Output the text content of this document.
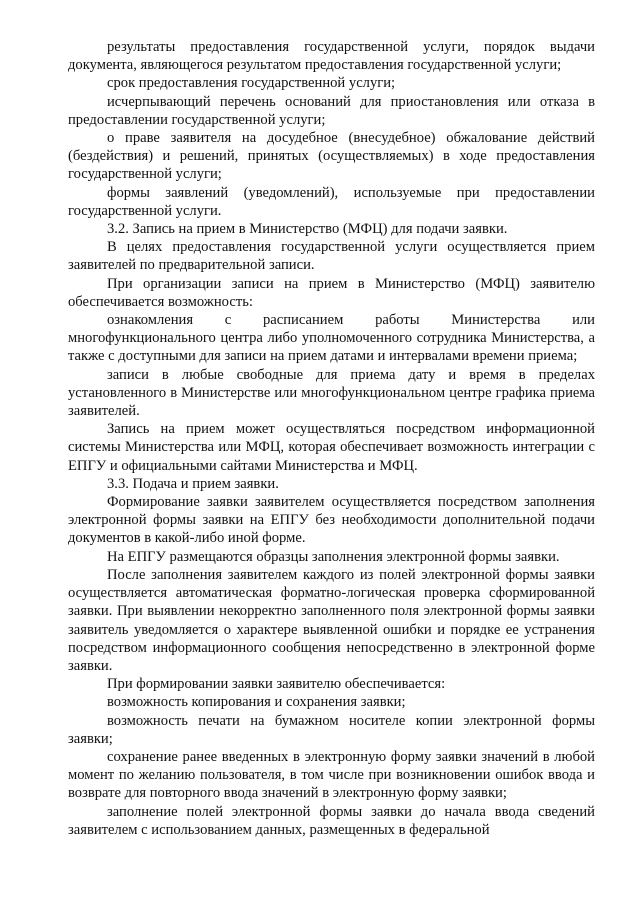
результаты предоставления государственной услуги, порядок выдачи документа, являющегося результатом предоставления государственной услуги;

срок предоставления государственной услуги;

исчерпывающий перечень оснований для приостановления или отказа в предоставлении государственной услуги;

о праве заявителя на досудебное (внесудебное) обжалование действий (бездействия) и решений, принятых (осуществляемых) в ходе предоставления государственной услуги;

формы заявлений (уведомлений), используемые при предоставлении государственной услуги.

3.2. Запись на прием в Министерство (МФЦ) для подачи заявки.

В целях предоставления государственной услуги осуществляется прием заявителей по предварительной записи.

При организации записи на прием в Министерство (МФЦ) заявителю обеспечивается возможность:

ознакомления с расписанием работы Министерства или многофункционального центра либо уполномоченного сотрудника Министерства, а также с доступными для записи на прием датами и интервалами времени приема;

записи в любые свободные для приема дату и время в пределах установленного в Министерстве или многофункциональном центре графика приема заявителей.

Запись на прием может осуществляться посредством информационной системы Министерства или МФЦ, которая обеспечивает возможность интеграции с ЕПГУ и официальными сайтами Министерства и МФЦ.

3.3. Подача и прием заявки.

Формирование заявки заявителем осуществляется посредством заполнения электронной формы заявки на ЕПГУ без необходимости дополнительной подачи документов в какой-либо иной форме.

На ЕПГУ размещаются образцы заполнения электронной формы заявки.

После заполнения заявителем каждого из полей электронной формы заявки осуществляется автоматическая форматно-логическая проверка сформированной заявки. При выявлении некорректно заполненного поля электронной формы заявки заявитель уведомляется о характере выявленной ошибки и порядке ее устранения посредством информационного сообщения непосредственно в электронной форме заявки.

При формировании заявки заявителю обеспечивается:

возможность копирования и сохранения заявки;

возможность печати на бумажном носителе копии электронной формы заявки;

сохранение ранее введенных в электронную форму заявки значений в любой момент по желанию пользователя, в том числе при возникновении ошибок ввода и возврате для повторного ввода значений в электронную форму заявки;

заполнение полей электронной формы заявки до начала ввода сведений заявителем с использованием данных, размещенных в федеральной
